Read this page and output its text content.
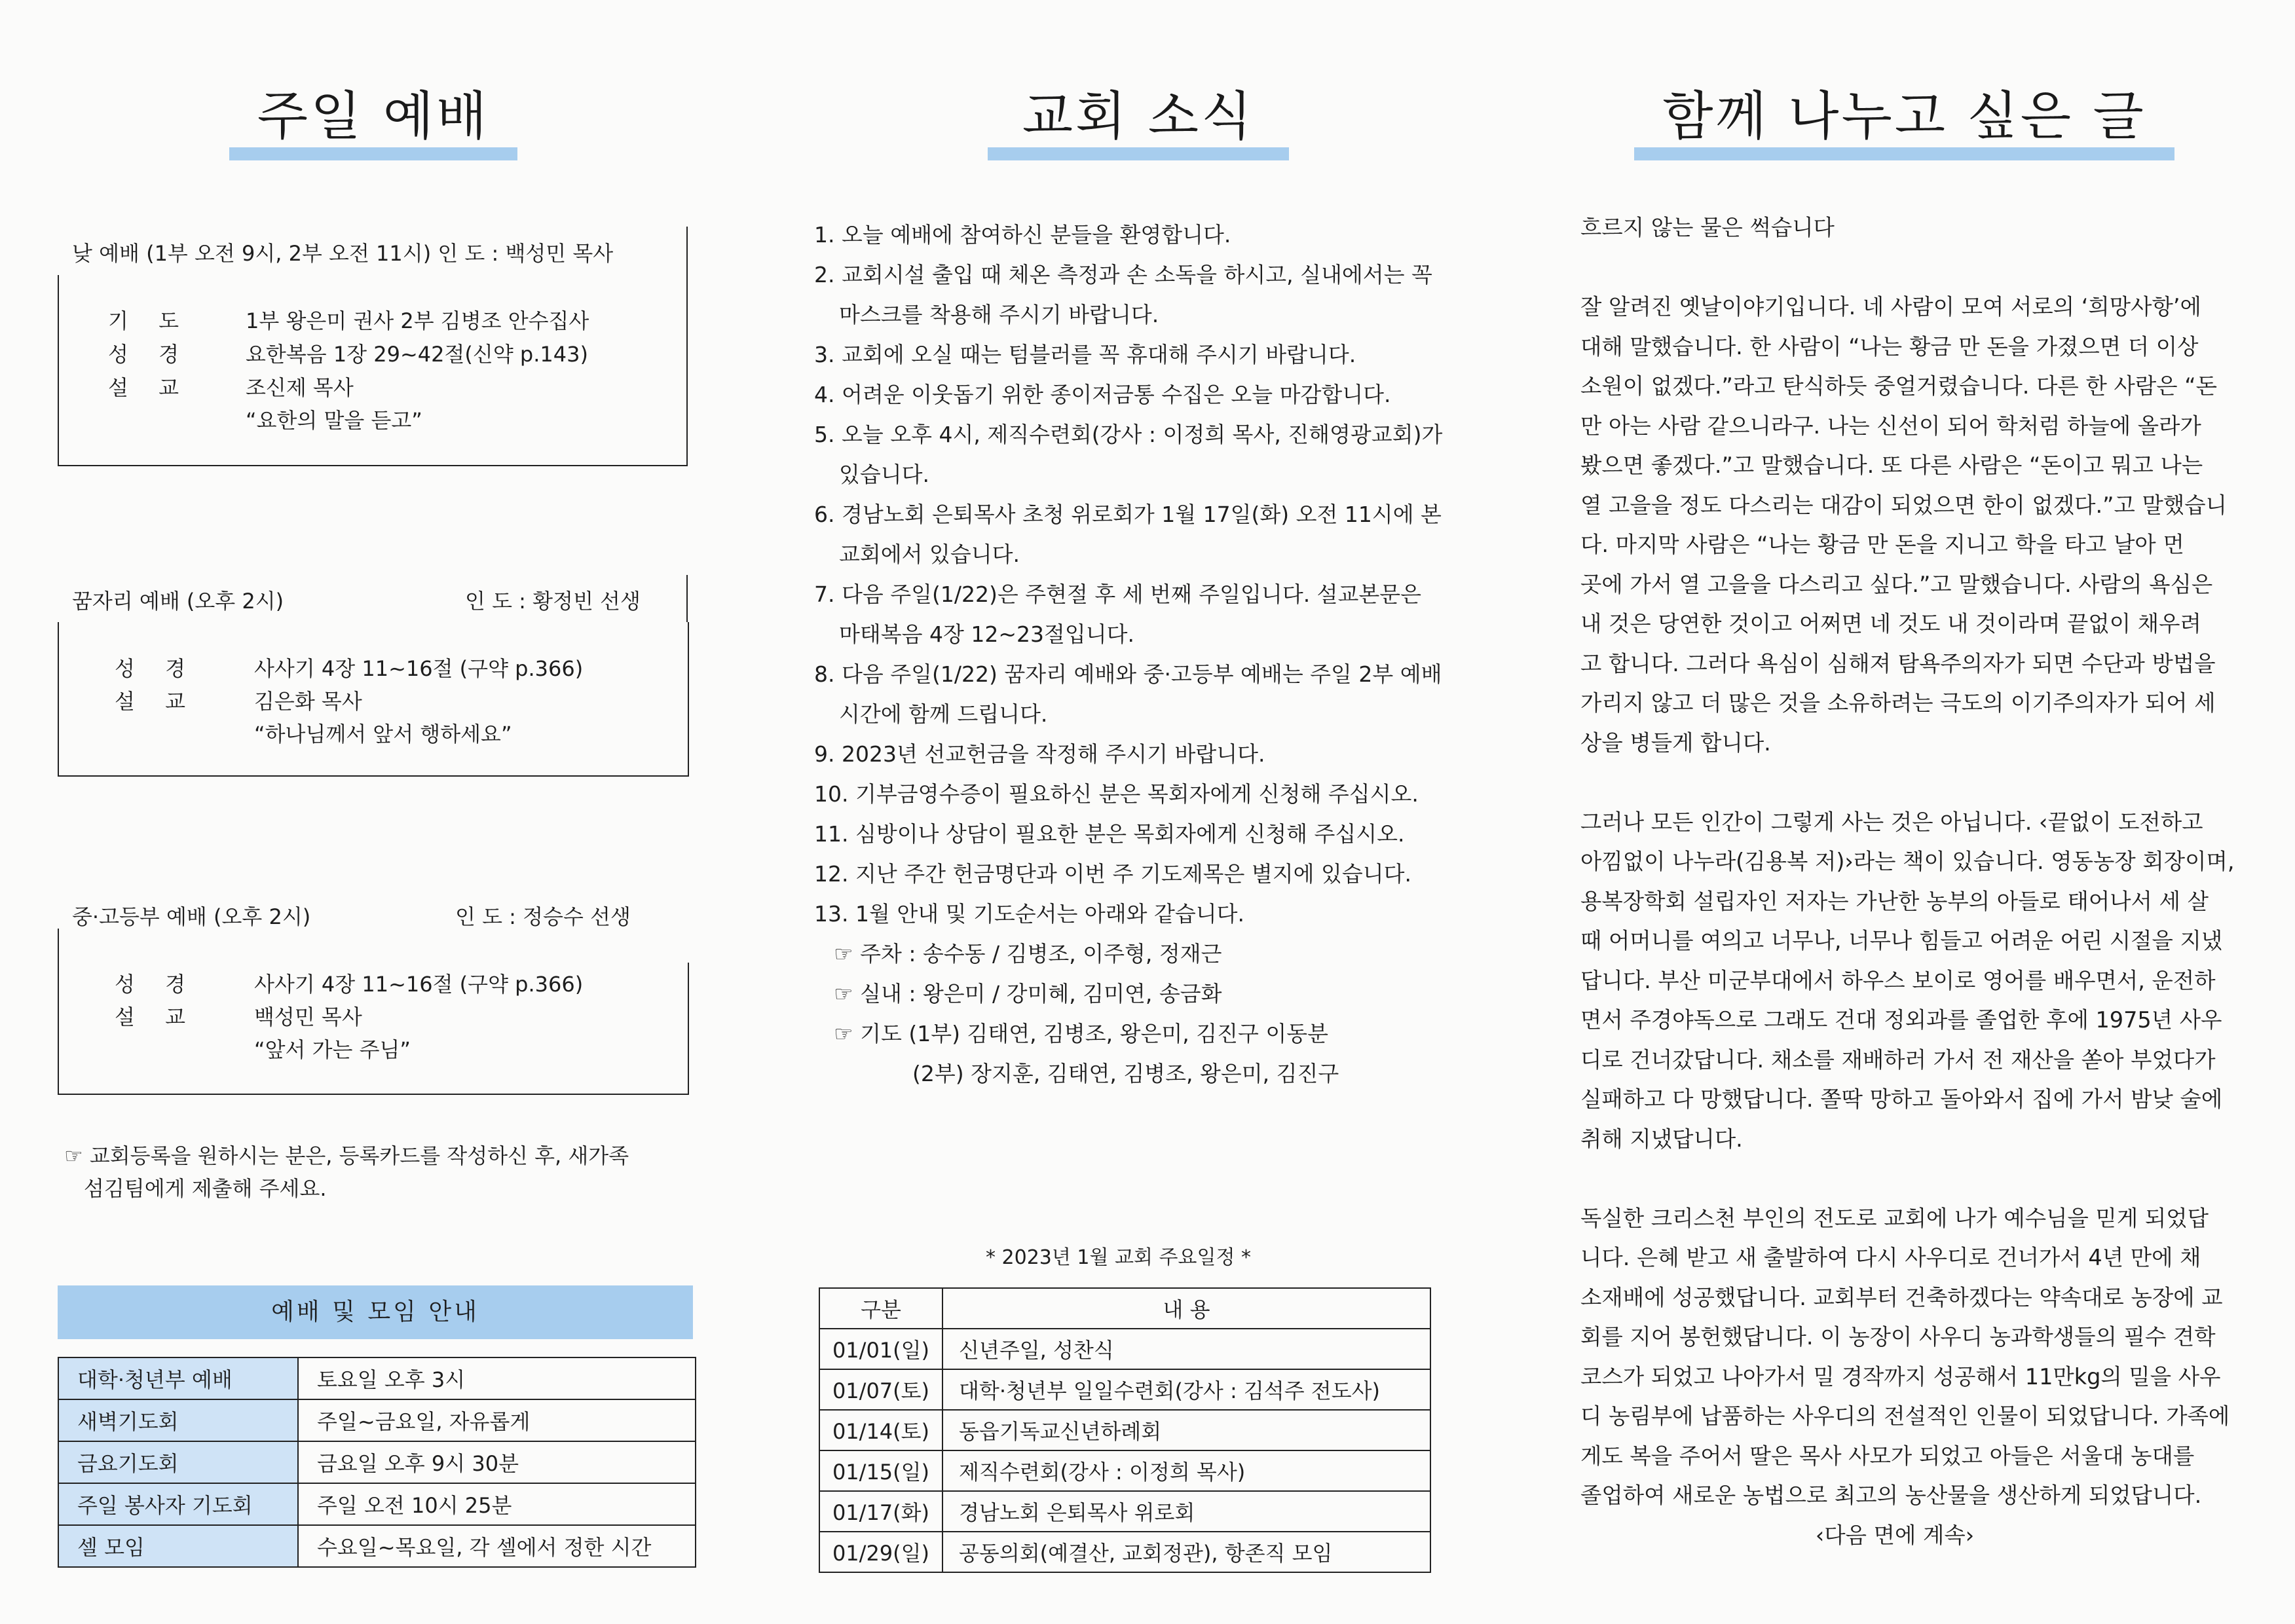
주일 예배
낮 예배 (1부 오전 9시, 2부 오전 11시) 인 도 : 백성민 목사
기 도	1부 왕은미 권사 2부 김병조 안수집사
성 경	요한복음 1장 29~42절(신약 p.143)
설 교	조신제 목사
“요한의 말을 듣고”
꿈자리 예배 (오후 2시)	인 도 : 황정빈 선생
성 경	사사기 4장 11~16절 (구약 p.366)
설 교	김은화 목사
“하나님께서 앞서 행하세요”
중·고등부 예배 (오후 2시)	인 도 : 정승수 선생
성 경	사사기 4장 11~16절 (구약 p.366)
설 교	백성민 목사
“앞서 가는 주님”
☞ 교회등록을 원하시는 분은, 등록카드를 작성하신 후, 새가족
섬김팀에게 제출해 주세요.
예배 및 모임 안내
대학·청년부 예배	토요일 오후 3시
새벽기도회	주일~금요일, 자유롭게
금요기도회	금요일 오후 9시 30분
주일 봉사자 기도회	주일 오전 10시 25분
셀 모임	수요일~목요일, 각 셀에서 정한 시간
교회 소식
1. 오늘 예배에 참여하신 분들을 환영합니다.
2. 교회시설 출입 때 체온 측정과 손 소독을 하시고, 실내에서는 꼭
마스크를 착용해 주시기 바랍니다.
3. 교회에 오실 때는 텀블러를 꼭 휴대해 주시기 바랍니다.
4. 어려운 이웃돕기 위한 종이저금통 수집은 오늘 마감합니다.
5. 오늘 오후 4시, 제직수련회(강사 : 이정희 목사, 진해영광교회)가
있습니다.
6. 경남노회 은퇴목사 초청 위로회가 1월 17일(화) 오전 11시에 본
교회에서 있습니다.
7. 다음 주일(1/22)은 주현절 후 세 번째 주일입니다. 설교본문은
마태복음 4장 12~23절입니다.
8. 다음 주일(1/22) 꿈자리 예배와 중·고등부 예배는 주일 2부 예배
시간에 함께 드립니다.
9. 2023년 선교헌금을 작정해 주시기 바랍니다.
10. 기부금영수증이 필요하신 분은 목회자에게 신청해 주십시오.
11. 심방이나 상담이 필요한 분은 목회자에게 신청해 주십시오.
12. 지난 주간 헌금명단과 이번 주 기도제목은 별지에 있습니다.
13. 1월 안내 및 기도순서는 아래와 같습니다.
☞ 주차 : 송수동 / 김병조, 이주형, 정재근
☞ 실내 : 왕은미 / 강미혜, 김미연, 송금화
☞ 기도 (1부) 김태연, 김병조, 왕은미, 김진구 이동분
(2부) 장지훈, 김태연, 김병조, 왕은미, 김진구
* 2023년 1월 교회 주요일정 *
구분	내 용
01/01(일)	신년주일, 성찬식
01/07(토)	대학·청년부 일일수련회(강사 : 김석주 전도사)
01/14(토)	동읍기독교신년하례회
01/15(일)	제직수련회(강사 : 이정희 목사)
01/17(화)	경남노회 은퇴목사 위로회
01/29(일)	공동의회(예결산, 교회정관), 항존직 모임
함께 나누고 싶은 글
흐르지 않는 물은 썩습니다
잘 알려진 옛날이야기입니다. 네 사람이 모여 서로의 ‘희망사항’에
대해 말했습니다. 한 사람이 “나는 황금 만 돈을 가졌으면 더 이상
소원이 없겠다.”라고 탄식하듯 중얼거렸습니다. 다른 한 사람은 “돈
만 아는 사람 같으니라구. 나는 신선이 되어 학처럼 하늘에 올라가
봤으면 좋겠다.”고 말했습니다. 또 다른 사람은 “돈이고 뭐고 나는
열 고을을 정도 다스리는 대감이 되었으면 한이 없겠다.”고 말했습니
다. 마지막 사람은 “나는 황금 만 돈을 지니고 학을 타고 날아 먼
곳에 가서 열 고을을 다스리고 싶다.”고 말했습니다. 사람의 욕심은
내 것은 당연한 것이고 어쩌면 네 것도 내 것이라며 끝없이 채우려
고 합니다. 그러다 욕심이 심해져 탐욕주의자가 되면 수단과 방법을
가리지 않고 더 많은 것을 소유하려는 극도의 이기주의자가 되어 세
상을 병들게 합니다.
그러나 모든 인간이 그렇게 사는 것은 아닙니다. ‹끝없이 도전하고
아낌없이 나누라(김용복 저)›라는 책이 있습니다. 영동농장 회장이며,
용복장학회 설립자인 저자는 가난한 농부의 아들로 태어나서 세 살
때 어머니를 여의고 너무나, 너무나 힘들고 어려운 어린 시절을 지냈
답니다. 부산 미군부대에서 하우스 보이로 영어를 배우면서, 운전하
면서 주경야독으로 그래도 건대 정외과를 졸업한 후에 1975년 사우
디로 건너갔답니다. 채소를 재배하러 가서 전 재산을 쏟아 부었다가
실패하고 다 망했답니다. 쫄딱 망하고 돌아와서 집에 가서 밤낮 술에
취해 지냈답니다.
독실한 크리스천 부인의 전도로 교회에 나가 예수님을 믿게 되었답
니다. 은혜 받고 새 출발하여 다시 사우디로 건너가서 4년 만에 채
소재배에 성공했답니다. 교회부터 건축하겠다는 약속대로 농장에 교
회를 지어 봉헌했답니다. 이 농장이 사우디 농과학생들의 필수 견학
코스가 되었고 나아가서 밀 경작까지 성공해서 11만kg의 밀을 사우
디 농림부에 납품하는 사우디의 전설적인 인물이 되었답니다. 가족에
게도 복을 주어서 딸은 목사 사모가 되었고 아들은 서울대 농대를
졸업하여 새로운 농법으로 최고의 농산물을 생산하게 되었답니다.
‹다음 면에 계속›
